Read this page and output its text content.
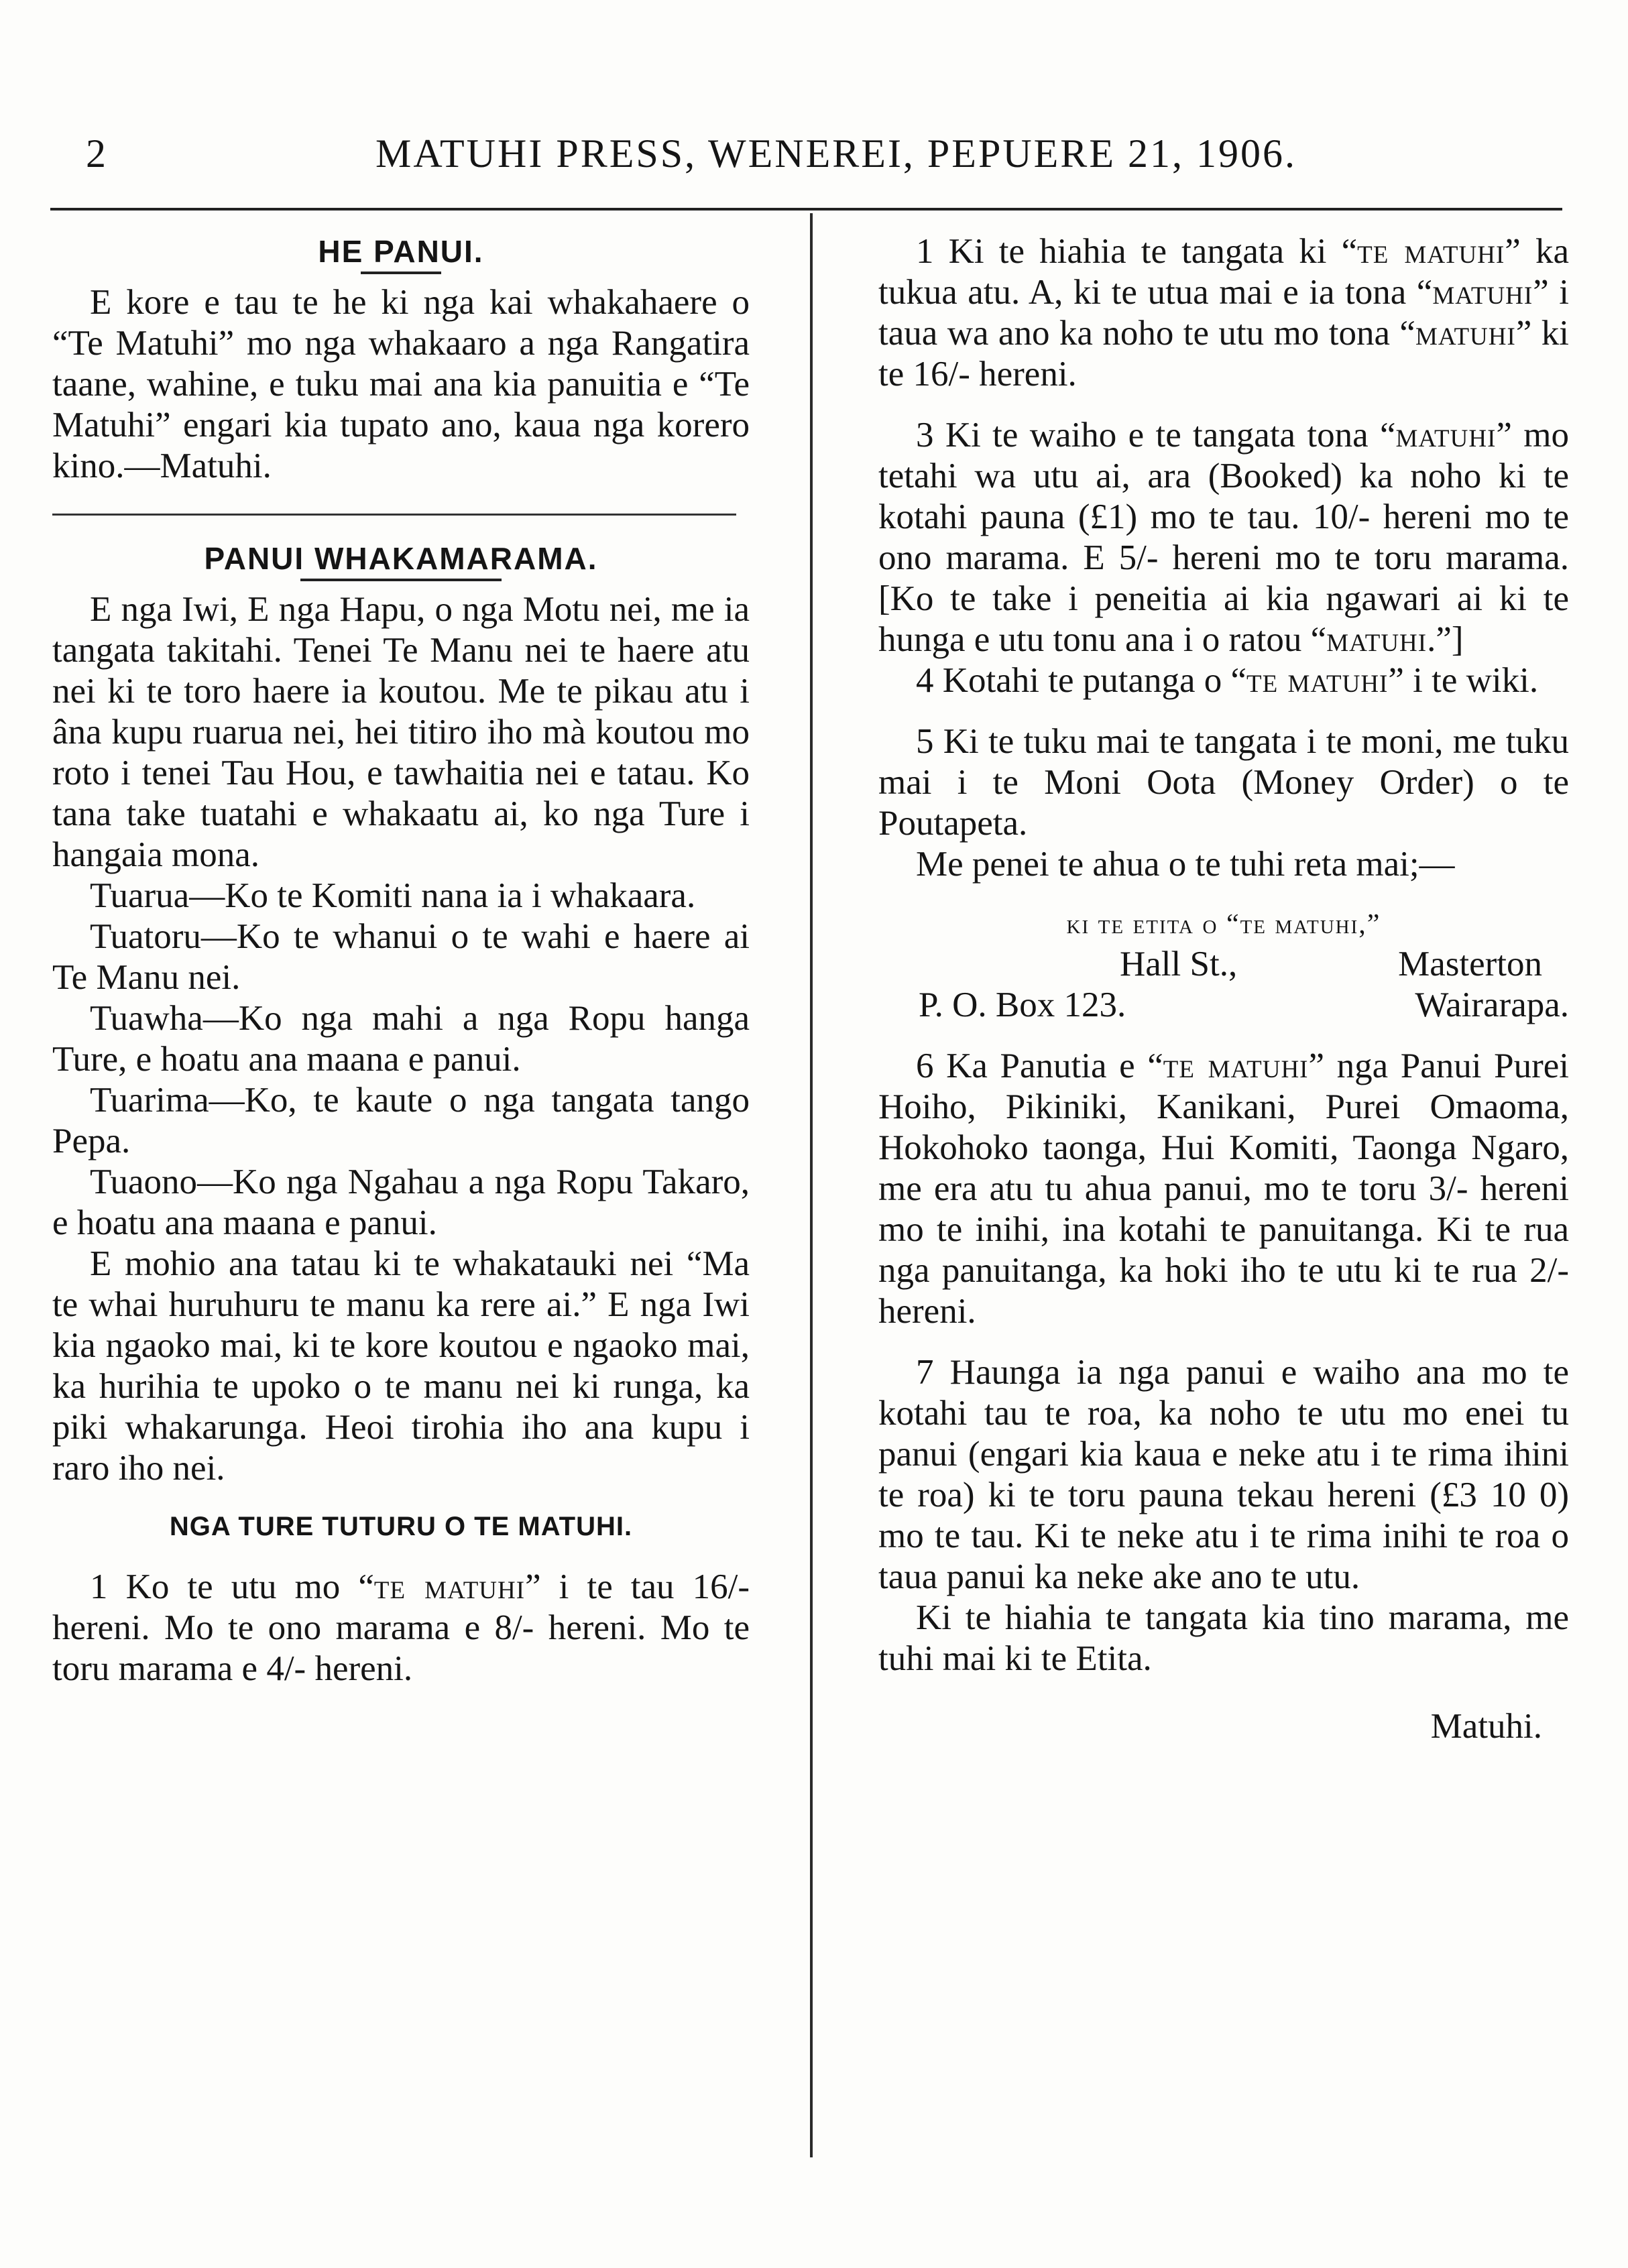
2	MATUHI PRESS, WENEREI, PEPUERE 21, 1906.
HE PANUI.

E kore e tau te he ki nga kai whakahaere o “Te Matuhi” mo nga whakaaro a nga Rangatira taane, wahine, e tuku mai ana kia panuitia e “Te Matuhi” engari kia tupato ano, kaua nga korero kino.—Matuhi.

PANUI WHAKAMARAMA.

E nga Iwi, E nga Hapu, o nga Motu nei, me ia tangata takitahi. Tenei Te Manu nei te haere atu nei ki te toro haere ia koutou. Me te pikau atu i âna kupu ruarua nei, hei titiro iho mà koutou mo roto i tenei Tau Hou, e tawhaitia nei e tatau. Ko tana take tuatahi e whakaatu ai, ko nga Ture i hangaia mona.

Tuarua—Ko te Komiti nana ia i whakaara.

Tuatoru—Ko te whanui o te wahi e haere ai Te Manu nei.

Tuawha—Ko nga mahi a nga Ropu hanga Ture, e hoatu ana maana e panui.

Tuarima—Ko, te kaute o nga tangata tango Pepa.

Tuaono—Ko nga Ngahau a nga Ropu Takaro, e hoatu ana maana e panui.

E mohio ana tatau ki te whakatauki nei “Ma te whai huruhuru te manu ka rere ai.” E nga Iwi kia ngaoko mai, ki te kore koutou e ngaoko mai, ka hurihia te upoko o te manu nei ki runga, ka piki whakarunga. Heoi tirohia iho ana kupu i raro iho nei.

NGA TURE TUTURU O TE MATUHI.

1 Ko te utu mo “te matuhi” i te tau 16/- hereni. Mo te ono marama e 8/- hereni. Mo te toru marama e 4/- hereni.

1 Ki te hiahia te tangata ki “te matuhi” ka tukua atu. A, ki te utua mai e ia tona “matuhi” i taua wa ano ka noho te utu mo tona “matuhi” ki te 16/- hereni.

3 Ki te waiho e te tangata tona “matuhi” mo tetahi wa utu ai, ara (Booked) ka noho ki te kotahi pauna (£1) mo te tau. 10/- hereni mo te ono marama. E 5/- hereni mo te toru marama. [Ko te take i peneitia ai kia ngawari ai ki te hunga e utu tonu ana i o ratou “matuhi.”]

4 Kotahi te putanga o “te matuhi” i te wiki.

5 Ki te tuku mai te tangata i te moni, me tuku mai i te Moni Oota (Money Order) o te Poutapeta.

Me penei te ahua o te tuhi reta mai;—

ki te etita o “te matuhi,”
Hall St.,	Masterton
P. O. Box 123.	Wairarapa.

6 Ka Panutia e “te matuhi” nga Panui Purei Hoiho, Pikiniki, Kanikani, Purei Omaoma, Hokohoko taonga, Hui Komiti, Taonga Ngaro, me era atu tu ahua panui, mo te toru 3/- hereni mo te inihi, ina kotahi te panuitanga. Ki te rua nga panuitanga, ka hoki iho te utu ki te rua 2/- hereni.

7 Haunga ia nga panui e waiho ana mo te kotahi tau te roa, ka noho te utu mo enei tu panui (engari kia kaua e neke atu i te rima ihini te roa) ki te toru pauna tekau hereni (£3 10 0) mo te tau. Ki te neke atu i te rima inihi te roa o taua panui ka neke ake ano te utu.

Ki te hiahia te tangata kia tino marama, me tuhi mai ki te Etita.

Matuhi.
